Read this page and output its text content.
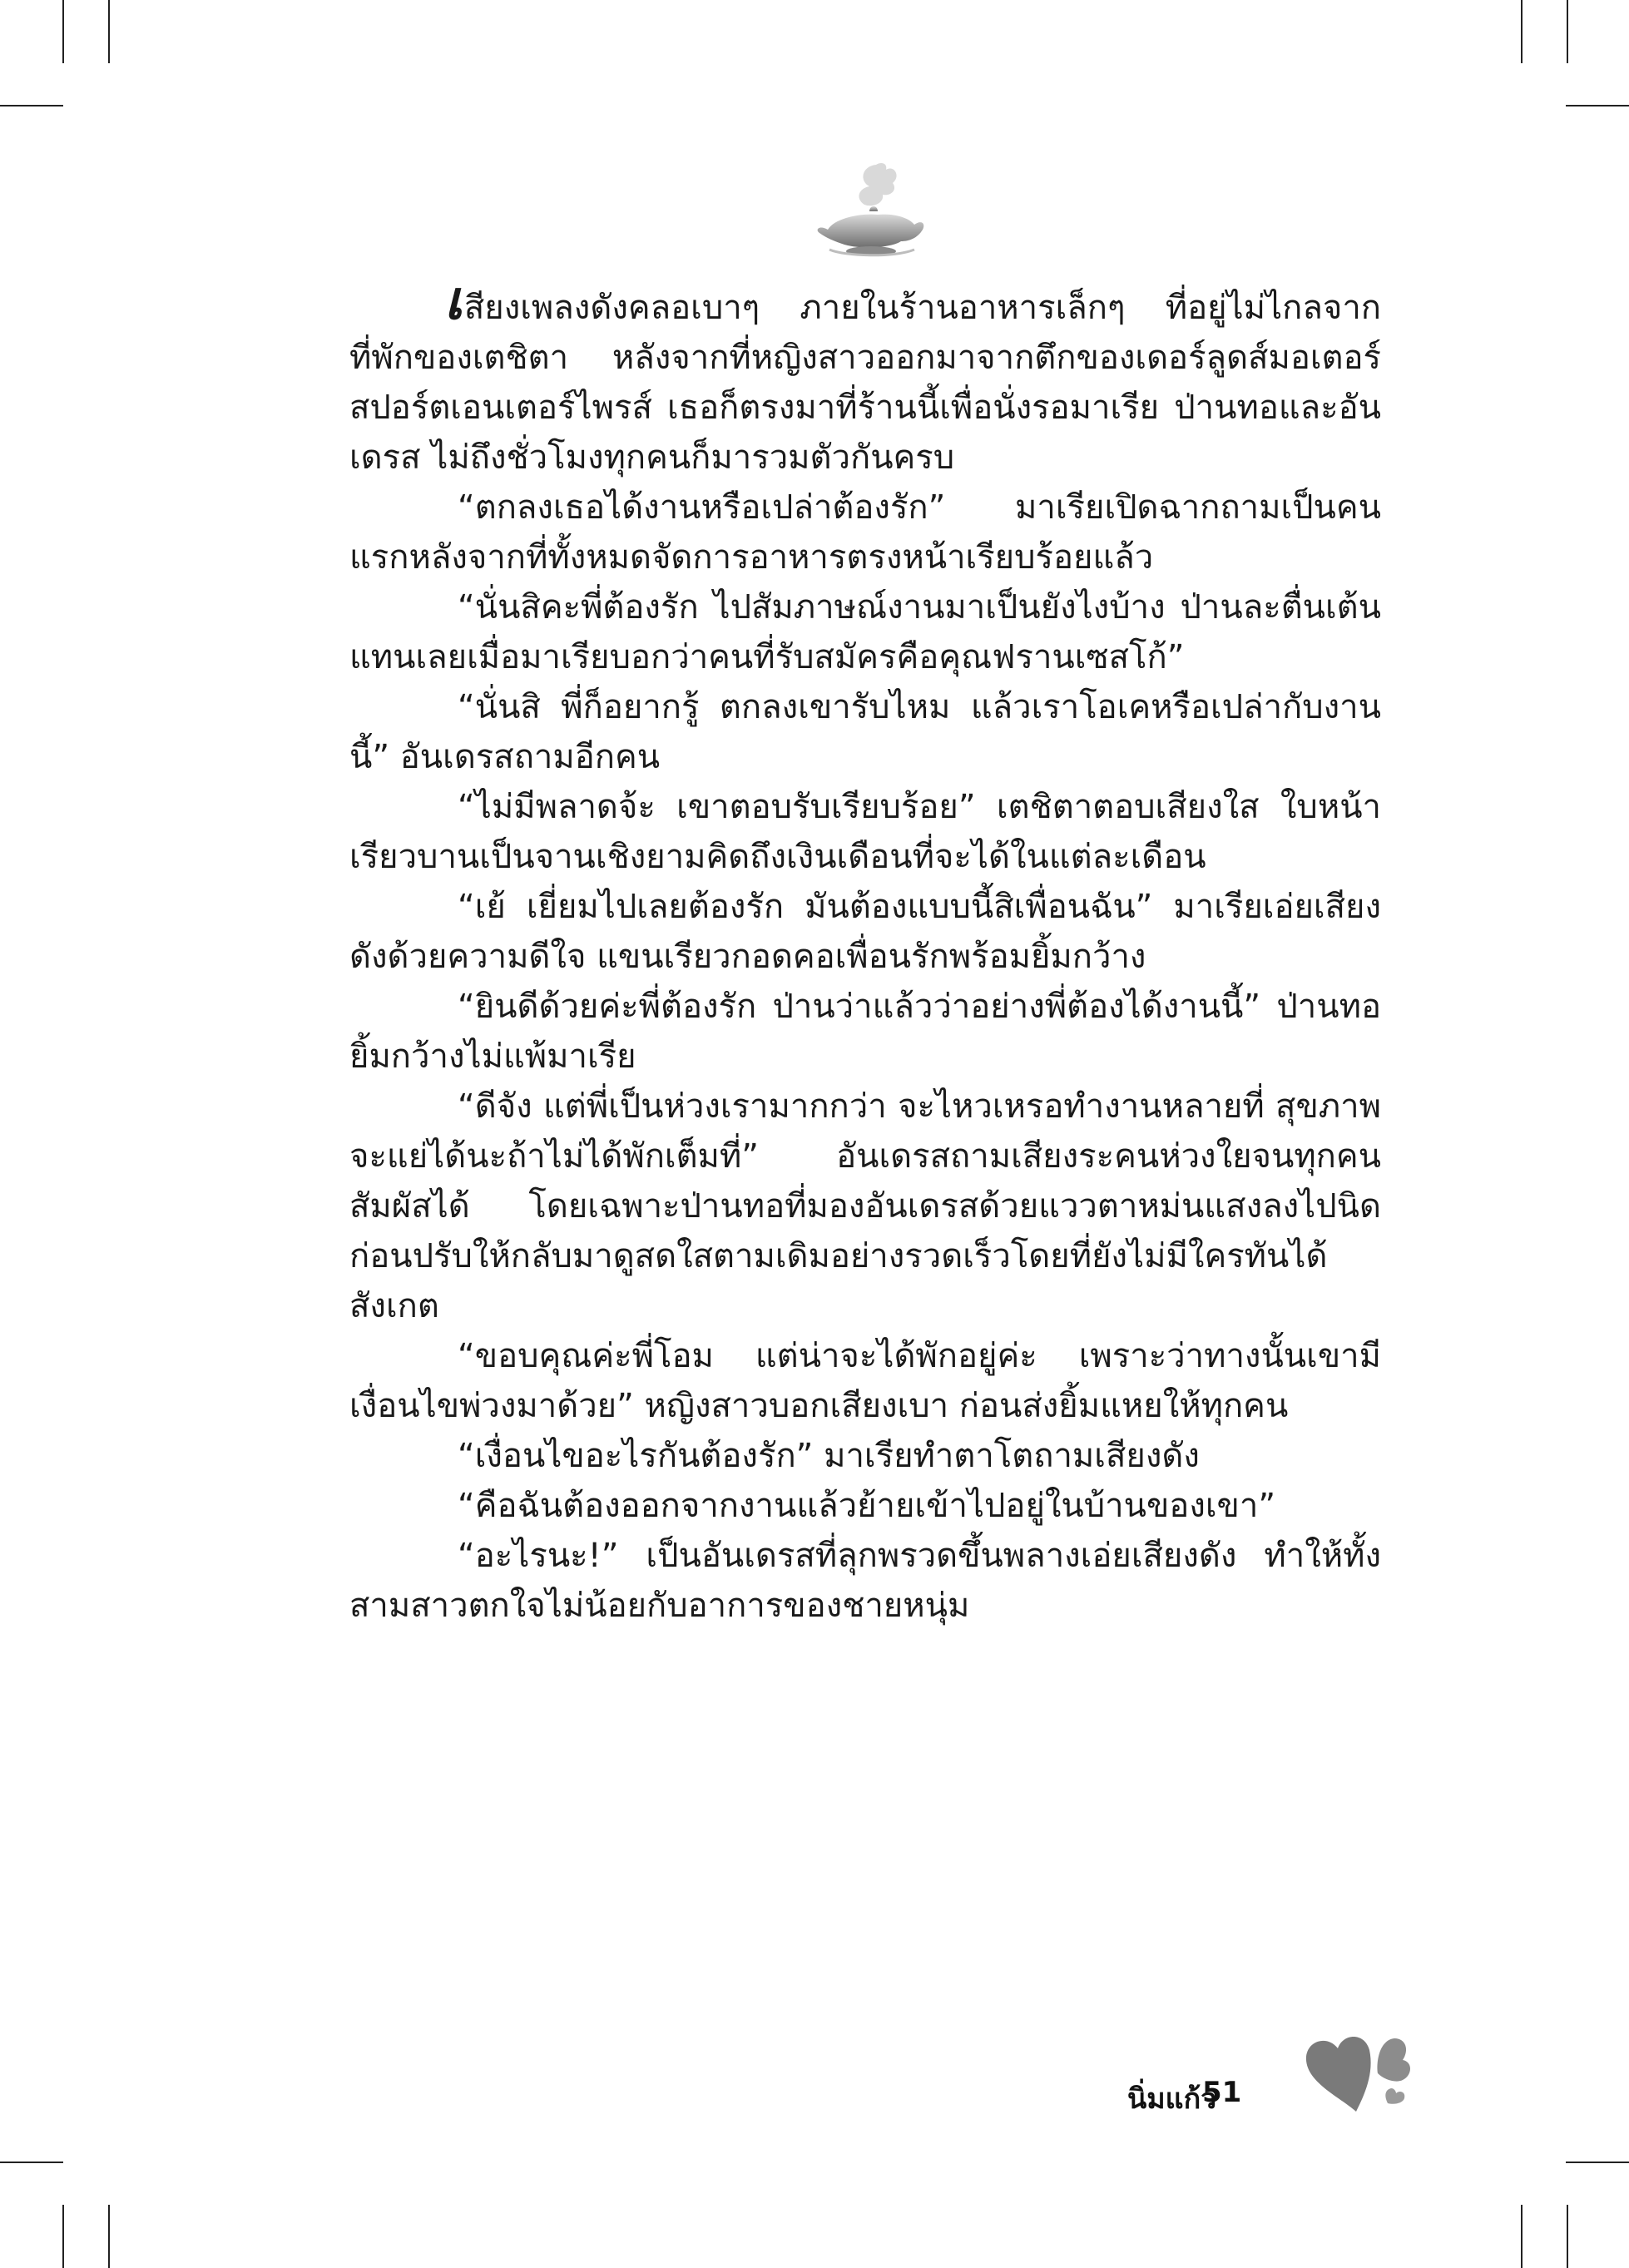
เสียงเพลงดังคลอเบาๆ ภายในร้านอาหารเล็กๆ ที่อยู่ไม่ไกลจากที่พักของเตชิตา หลังจากที่หญิงสาวออกมาจากตึกของเดอร์ลูดส์มอเตอร์สปอร์ตเอนเตอร์ไพรส์ เธอก็ตรงมาที่ร้านนี้เพื่อนั่งรอมาเรีย ป่านทอและอันเดรส ไม่ถึงชั่วโมงทุกคนก็มารวมตัวกันครบ

“ตกลงเธอได้งานหรือเปล่าต้องรัก” มาเรียเปิดฉากถามเป็นคนแรกหลังจากที่ทั้งหมดจัดการอาหารตรงหน้าเรียบร้อยแล้ว

“นั่นสิคะพี่ต้องรัก ไปสัมภาษณ์งานมาเป็นยังไงบ้าง ป่านละตื่นเต้นแทนเลยเมื่อมาเรียบอกว่าคนที่รับสมัครคือคุณฟรานเซสโก้”

“นั่นสิ พี่ก็อยากรู้ ตกลงเขารับไหม แล้วเราโอเคหรือเปล่ากับงานนี้” อันเดรสถามอีกคน

“ไม่มีพลาดจ้ะ เขาตอบรับเรียบร้อย” เตชิตาตอบเสียงใส ใบหน้าเรียวบานเป็นจานเชิงยามคิดถึงเงินเดือนที่จะได้ในแต่ละเดือน

“เย้ เยี่ยมไปเลยต้องรัก มันต้องแบบนี้สิเพื่อนฉัน” มาเรียเอ่ยเสียงดังด้วยความดีใจ แขนเรียวกอดคอเพื่อนรักพร้อมยิ้มกว้าง

“ยินดีด้วยค่ะพี่ต้องรัก ป่านว่าแล้วว่าอย่างพี่ต้องได้งานนี้” ป่านทอยิ้มกว้างไม่แพ้มาเรีย

“ดีจัง แต่พี่เป็นห่วงเรามากกว่า จะไหวเหรอทำงานหลายที่ สุขภาพจะแย่ได้นะถ้าไม่ได้พักเต็มที่” อันเดรสถามเสียงระคนห่วงใยจนทุกคนสัมผัสได้ โดยเฉพาะป่านทอที่มองอันเดรสด้วยแววตาหม่นแสงลงไปนิดก่อนปรับให้กลับมาดูสดใสตามเดิมอย่างรวดเร็วโดยที่ยังไม่มีใครทันได้สังเกต

“ขอบคุณค่ะพี่โอม แต่น่าจะได้พักอยู่ค่ะ เพราะว่าทางนั้นเขามีเงื่อนไขพ่วงมาด้วย” หญิงสาวบอกเสียงเบา ก่อนส่งยิ้มแหยให้ทุกคน

“เงื่อนไขอะไรกันต้องรัก” มาเรียทำตาโตถามเสียงดัง

“คือฉันต้องออกจากงานแล้วย้ายเข้าไปอยู่ในบ้านของเขา”

“อะไรนะ!” เป็นอันเดรสที่ลุกพรวดขึ้นพลางเอ่ยเสียงดัง ทำให้ทั้งสามสาวตกใจไม่น้อยกับอาการของชายหนุ่ม

นิ่มแก้ว
51
